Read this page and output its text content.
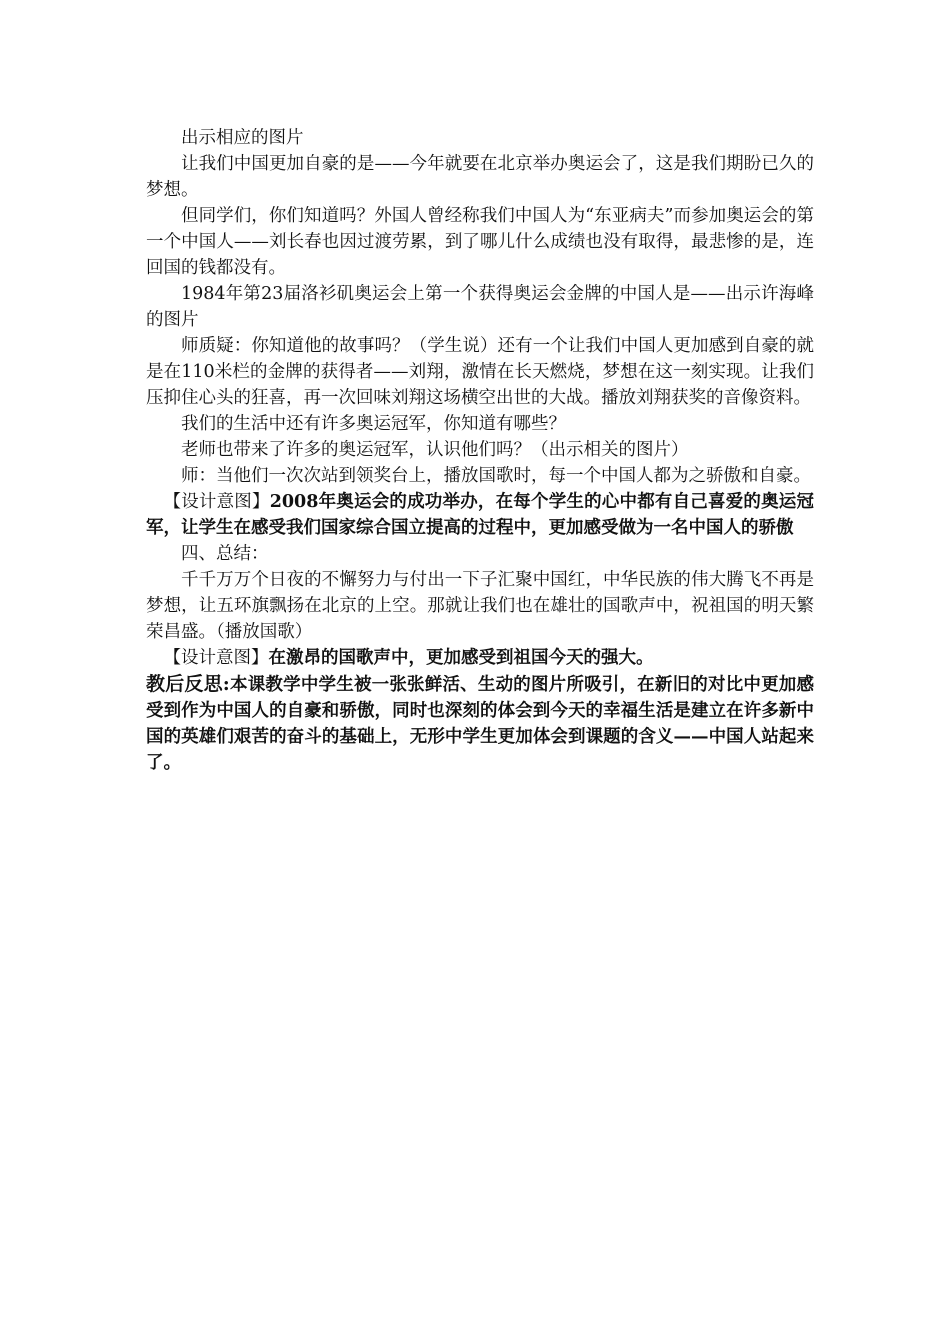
出示相应的图片

让我们中国更加自豪的是——今年就要在北京举办奥运会了，这是我们期盼已久的梦想。

但同学们，你们知道吗？外国人曾经称我们中国人为“东亚病夫”而参加奥运会的第一个中国人——刘长春也因过渡劳累，到了哪儿什么成绩也没有取得，最悲惨的是，连回国的钱都没有。

1984年第23届洛衫矶奥运会上第一个获得奥运会金牌的中国人是——出示许海峰的图片

师质疑：你知道他的故事吗？（学生说）还有一个让我们中国人更加感到自豪的就是在110米栏的金牌的获得者——刘翔，激情在长天燃烧，梦想在这一刻实现。让我们压抑住心头的狂喜，再一次回味刘翔这场横空出世的大战。播放刘翔获奖的音像资料。

我们的生活中还有许多奥运冠军，你知道有哪些？

老师也带来了许多的奥运冠军，认识他们吗？（出示相关的图片）

师：当他们一次次站到领奖台上，播放国歌时，每一个中国人都为之骄傲和自豪。

【设计意图】2008年奥运会的成功举办，在每个学生的心中都有自己喜爱的奥运冠军，让学生在感受我们国家综合国立提高的过程中，更加感受做为一名中国人的骄傲

四、总结：

千千万万个日夜的不懈努力与付出一下子汇聚中国红，中华民族的伟大腾飞不再是梦想，让五环旗飘扬在北京的上空。那就让我们也在雄壮的国歌声中，祝祖国的明天繁荣昌盛。（播放国歌）

【设计意图】在激昂的国歌声中，更加感受到祖国今天的强大。

教后反思:本课教学中学生被一张张鲜活、生动的图片所吸引，在新旧的对比中更加感受到作为中国人的自豪和骄傲，同时也深刻的体会到今天的幸福生活是建立在许多新中国的英雄们艰苦的奋斗的基础上，无形中学生更加体会到课题的含义——中国人站起来了。
